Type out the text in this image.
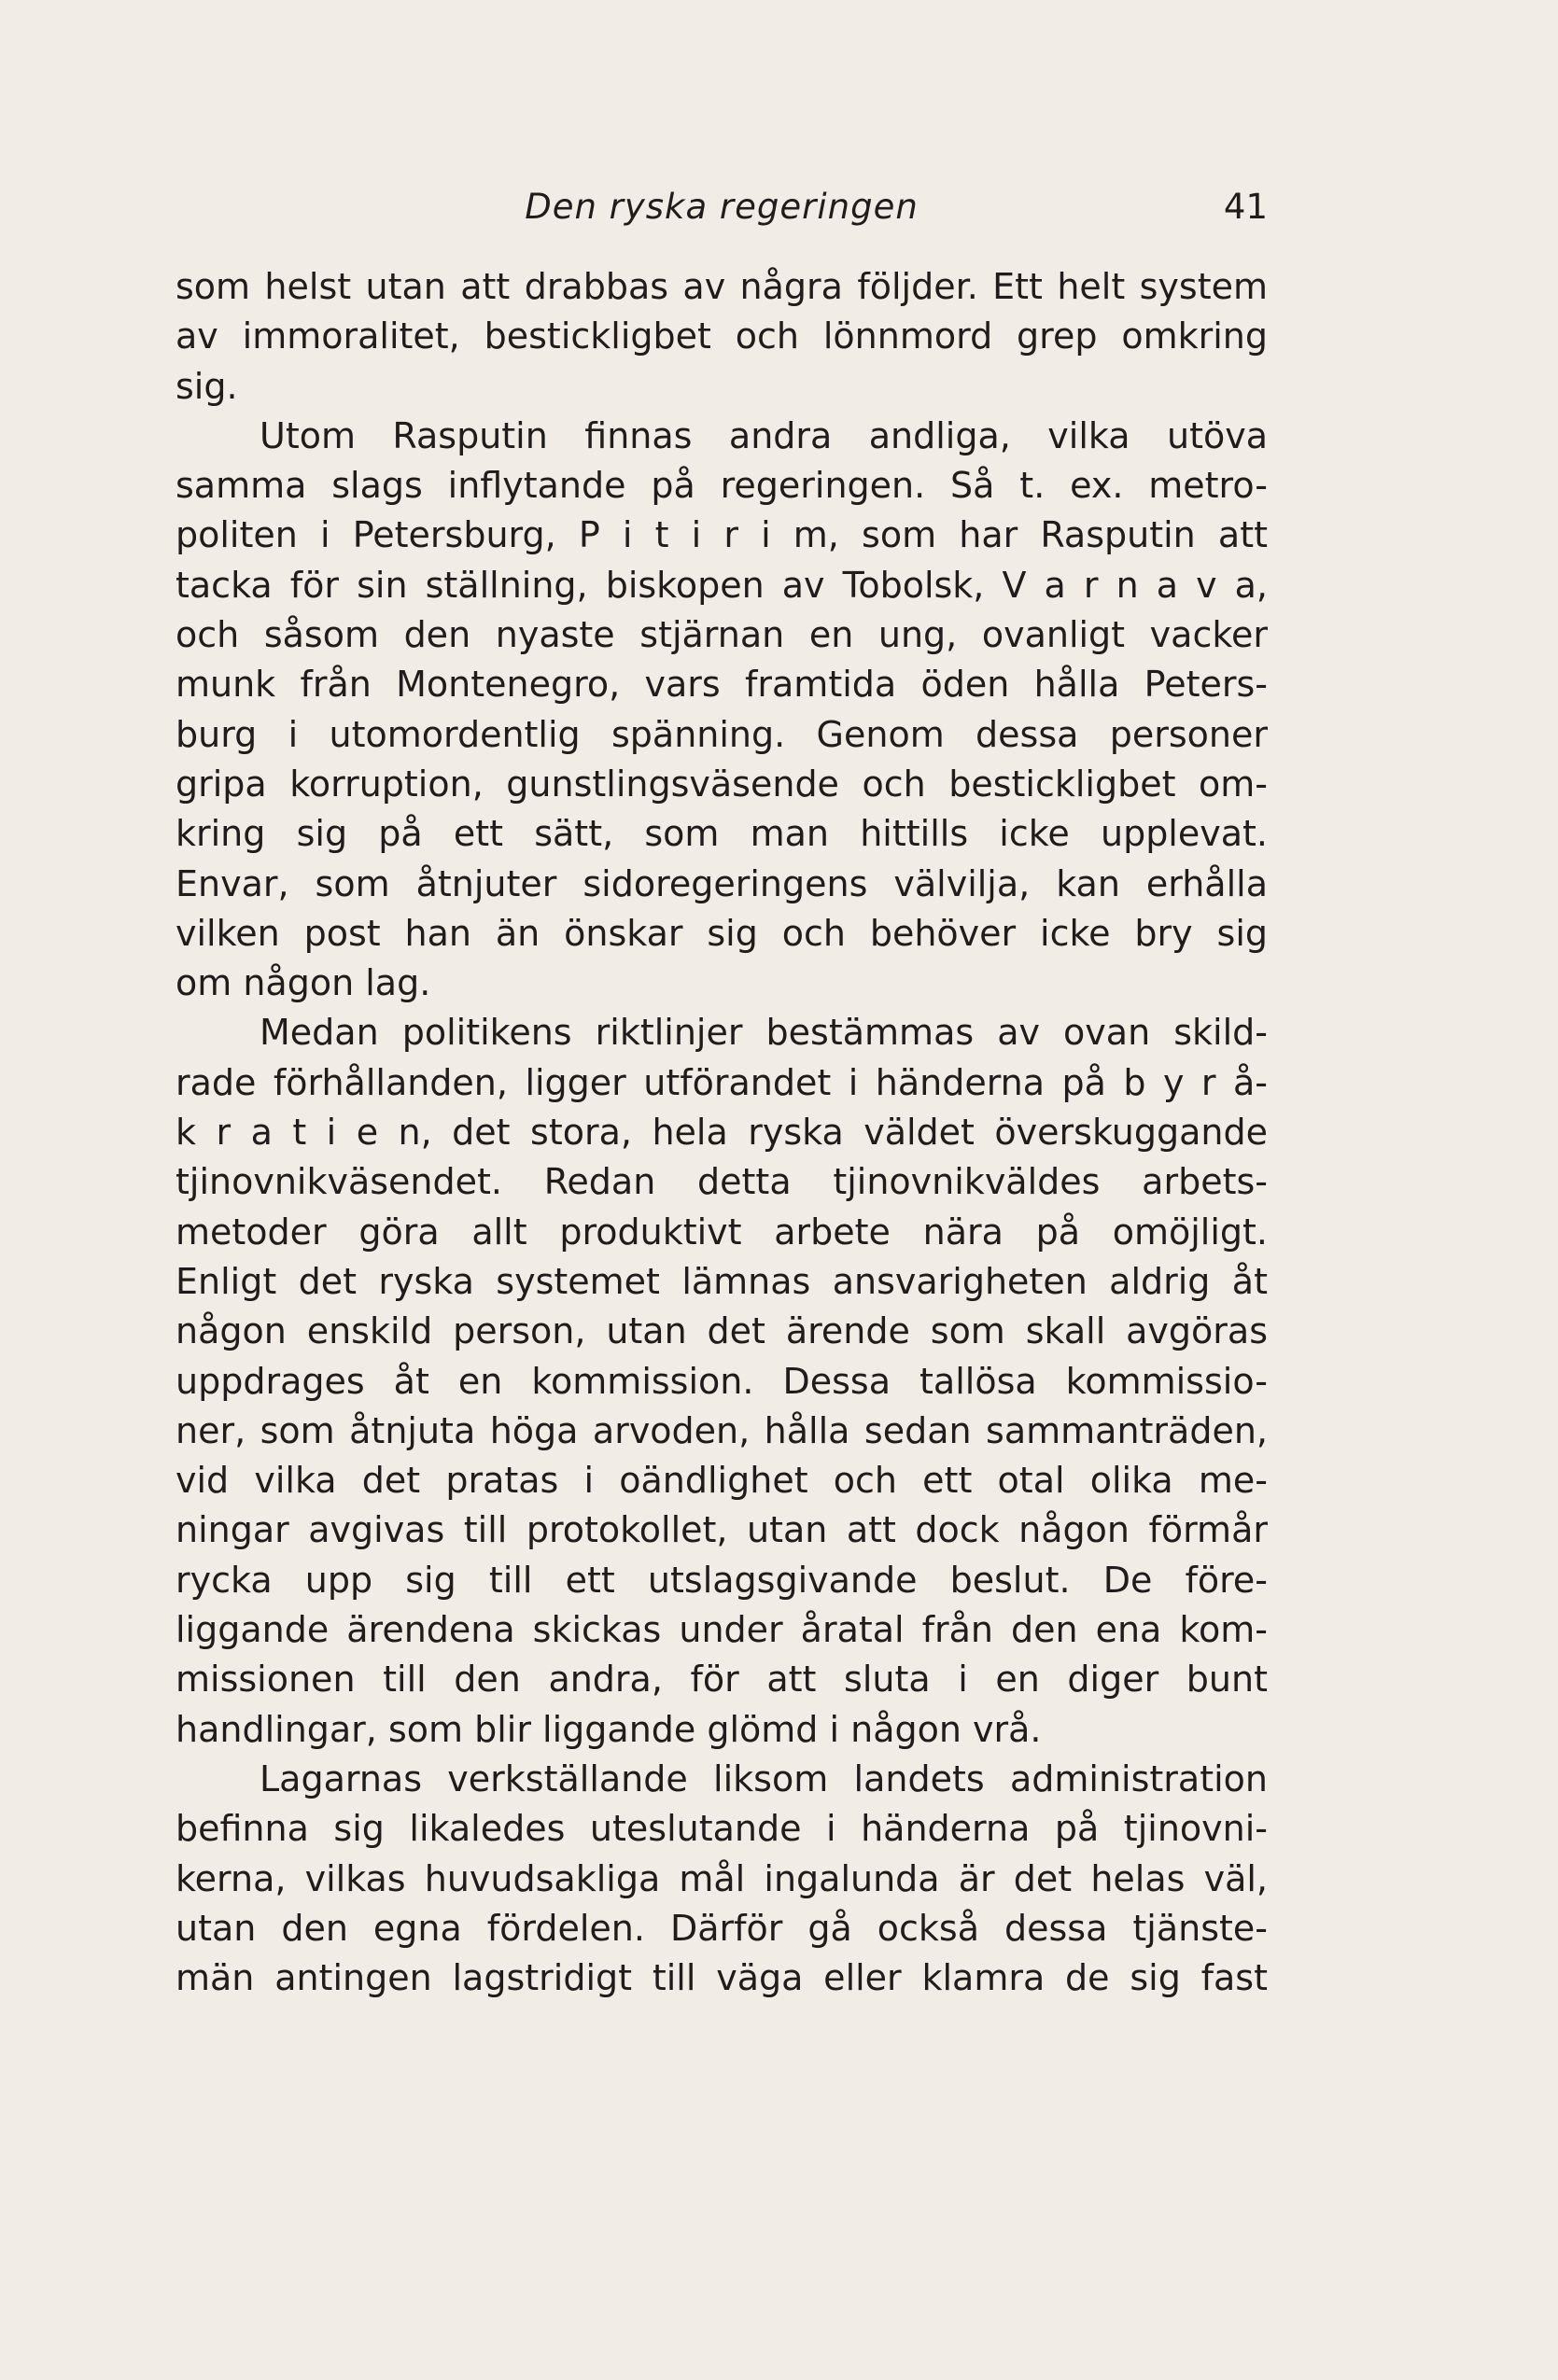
Den ryska regeringen	41
som helst utan att drabbas av några följder. Ett helt system
av immoralitet, bestickligbet och lönnmord grep omkring
sig.
Utom Rasputin finnas andra andliga, vilka utöva
samma slags inflytande på regeringen. Så t. ex. metro-
politen i Petersburg, P i t i r i m, som har Rasputin att
tacka för sin ställning, biskopen av Tobolsk, V a r n a v a,
och såsom den nyaste stjärnan en ung, ovanligt vacker
munk från Montenegro, vars framtida öden hålla Peters-
burg i utomordentlig spänning. Genom dessa personer
gripa korruption, gunstlingsväsende och bestickligbet om-
kring sig på ett sätt, som man hittills icke upplevat.
Envar, som åtnjuter sidoregeringens välvilja, kan erhålla
vilken post han än önskar sig och behöver icke bry sig
om någon lag.
Medan politikens riktlinjer bestämmas av ovan skild-
rade förhållanden, ligger utförandet i händerna på b y r å-
k r a t i e n, det stora, hela ryska väldet överskuggande
tjinovnikväsendet. Redan detta tjinovnikväldes arbets-
metoder göra allt produktivt arbete nära på omöjligt.
Enligt det ryska systemet lämnas ansvarigheten aldrig åt
någon enskild person, utan det ärende som skall avgöras
uppdrages åt en kommission. Dessa tallösa kommissio-
ner, som åtnjuta höga arvoden, hålla sedan sammanträden,
vid vilka det pratas i oändlighet och ett otal olika me-
ningar avgivas till protokollet, utan att dock någon förmår
rycka upp sig till ett utslagsgivande beslut. De före-
liggande ärendena skickas under åratal från den ena kom-
missionen till den andra, för att sluta i en diger bunt
handlingar, som blir liggande glömd i någon vrå.
Lagarnas verkställande liksom landets administration
befinna sig likaledes uteslutande i händerna på tjinovni-
kerna, vilkas huvudsakliga mål ingalunda är det helas väl,
utan den egna fördelen. Därför gå också dessa tjänste-
män antingen lagstridigt till väga eller klamra de sig fast
